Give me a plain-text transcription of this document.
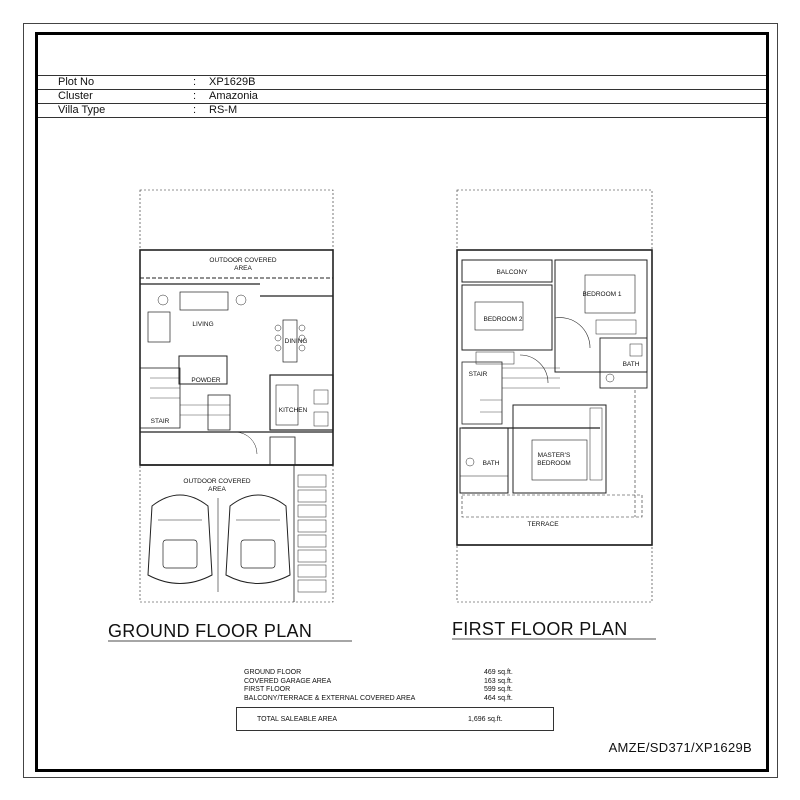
Plot No	:	XP1629B
Cluster	:	Amazonia
Villa Type	:	RS-M
OUTDOOR COVERED
AREA
LIVING
DINING
POWDER
STAIR
KITCHEN
OUTDOOR COVERED
AREA
BALCONY
BEDROOM 1
BEDROOM 2
STAIR
BATH
BATH
MASTER'S
BEDROOM
TERRACE
GROUND FLOOR PLAN	FIRST FLOOR PLAN
GROUND FLOOR	469 sq.ft.
COVERED GARAGE AREA	163 sq.ft.
FIRST FLOOR	599 sq.ft.
BALCONY/TERRACE & EXTERNAL COVERED AREA	464 sq.ft.
TOTAL SALEABLE AREA	1,696 sq.ft.
AMZE/SD371/XP1629B
